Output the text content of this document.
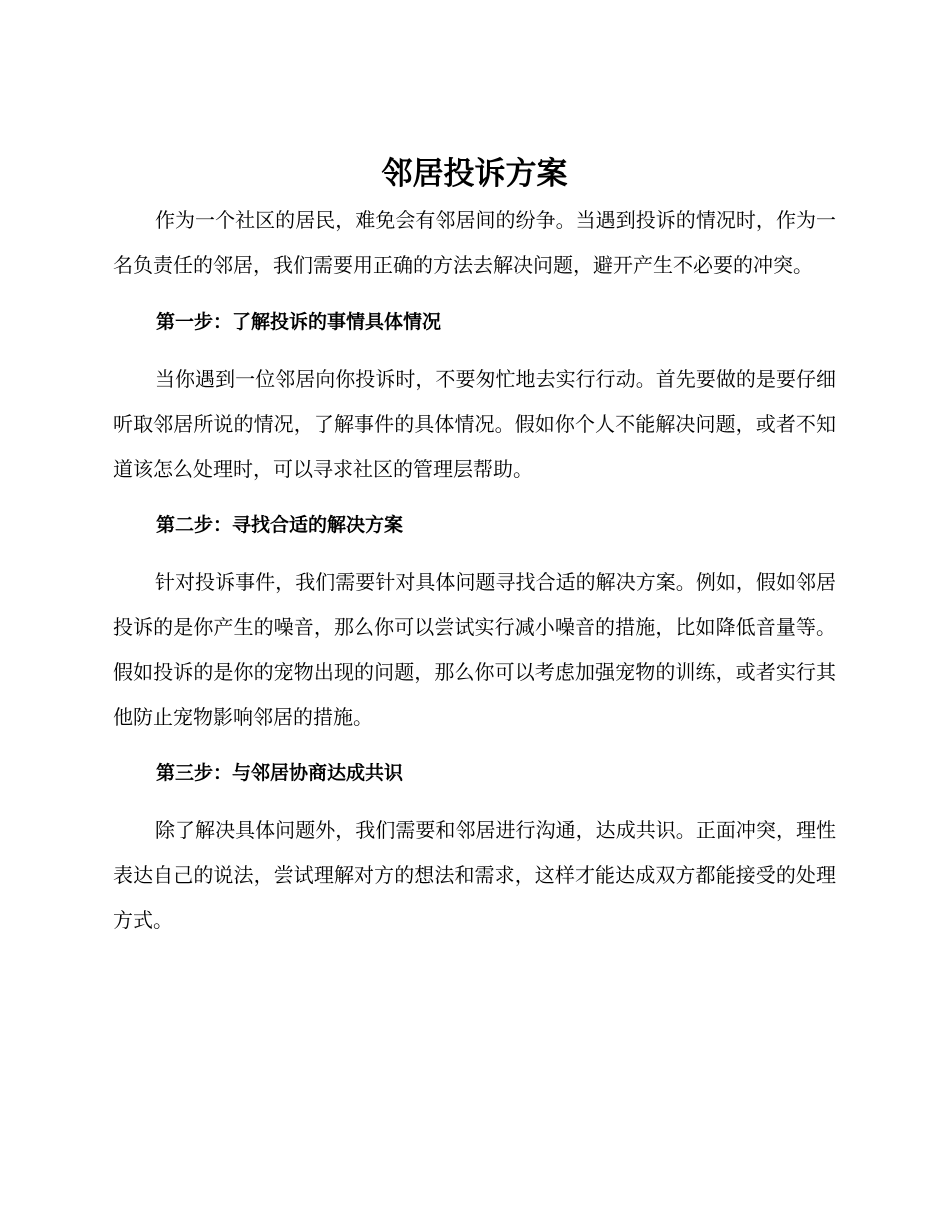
邻居投诉方案

作为一个社区的居民，难免会有邻居间的纷争。当遇到投诉的情况时，作为一名负责任的邻居，我们需要用正确的方法去解决问题，避开产生不必要的冲突。

第一步：了解投诉的事情具体情况

当你遇到一位邻居向你投诉时，不要匆忙地去实行行动。首先要做的是要仔细听取邻居所说的情况，了解事件的具体情况。假如你个人不能解决问题，或者不知道该怎么处理时，可以寻求社区的管理层帮助。

第二步：寻找合适的解决方案

针对投诉事件，我们需要针对具体问题寻找合适的解决方案。例如，假如邻居投诉的是你产生的噪音，那么你可以尝试实行减小噪音的措施，比如降低音量等。假如投诉的是你的宠物出现的问题，那么你可以考虑加强宠物的训练，或者实行其他防止宠物影响邻居的措施。

第三步：与邻居协商达成共识

除了解决具体问题外，我们需要和邻居进行沟通，达成共识。正面冲突，理性表达自己的说法，尝试理解对方的想法和需求，这样才能达成双方都能接受的处理方式。
